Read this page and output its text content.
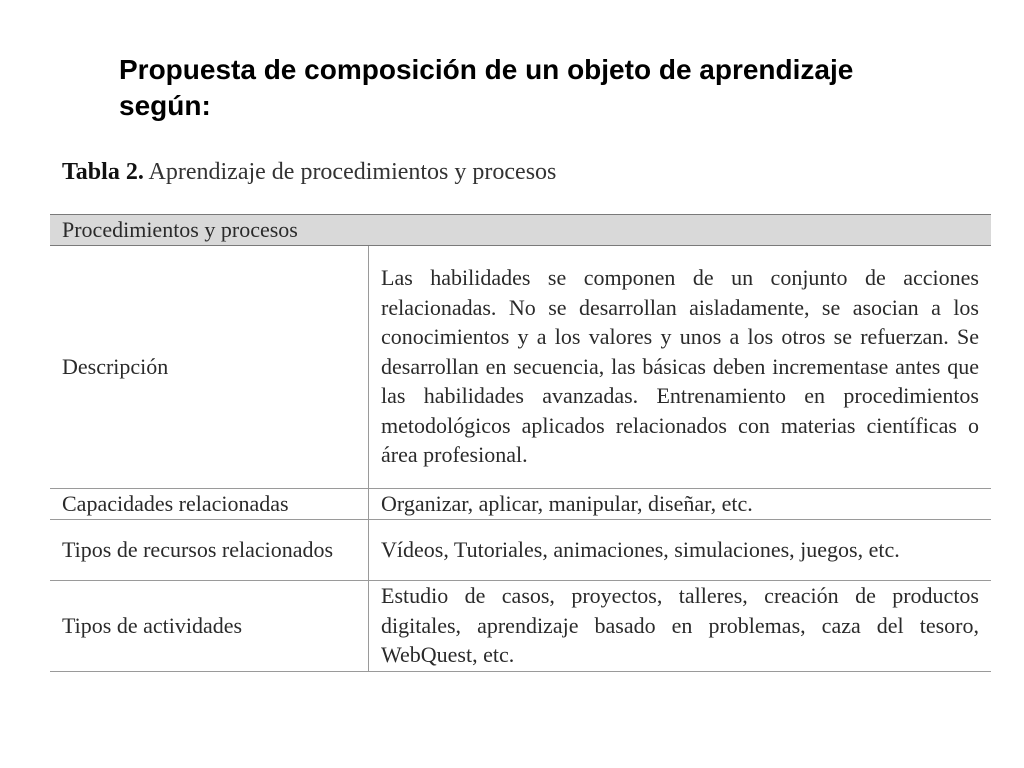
Propuesta de composición de un objeto de aprendizaje según:
Tabla 2. Aprendizaje de procedimientos y procesos
Procedimientos y procesos	
Descripción	Las habilidades se componen de un conjunto de acciones relacionadas. No se desarrollan aisladamente, se asocian a los conocimientos y a los valores y unos a los otros se refuerzan. Se desarrollan en secuencia, las básicas deben incrementase antes que las habilidades avanzadas. Entrenamiento en procedimientos metodológicos aplicados relacionados con materias científicas o área profesional.
Capacidades relacionadas	Organizar, aplicar, manipular, diseñar, etc.
Tipos de recursos relacionados	Vídeos, Tutoriales, animaciones, simulaciones, juegos, etc.
Tipos de actividades	Estudio de casos, proyectos, talleres, creación de productos digitales, aprendizaje basado en problemas, caza del tesoro, WebQuest, etc.
